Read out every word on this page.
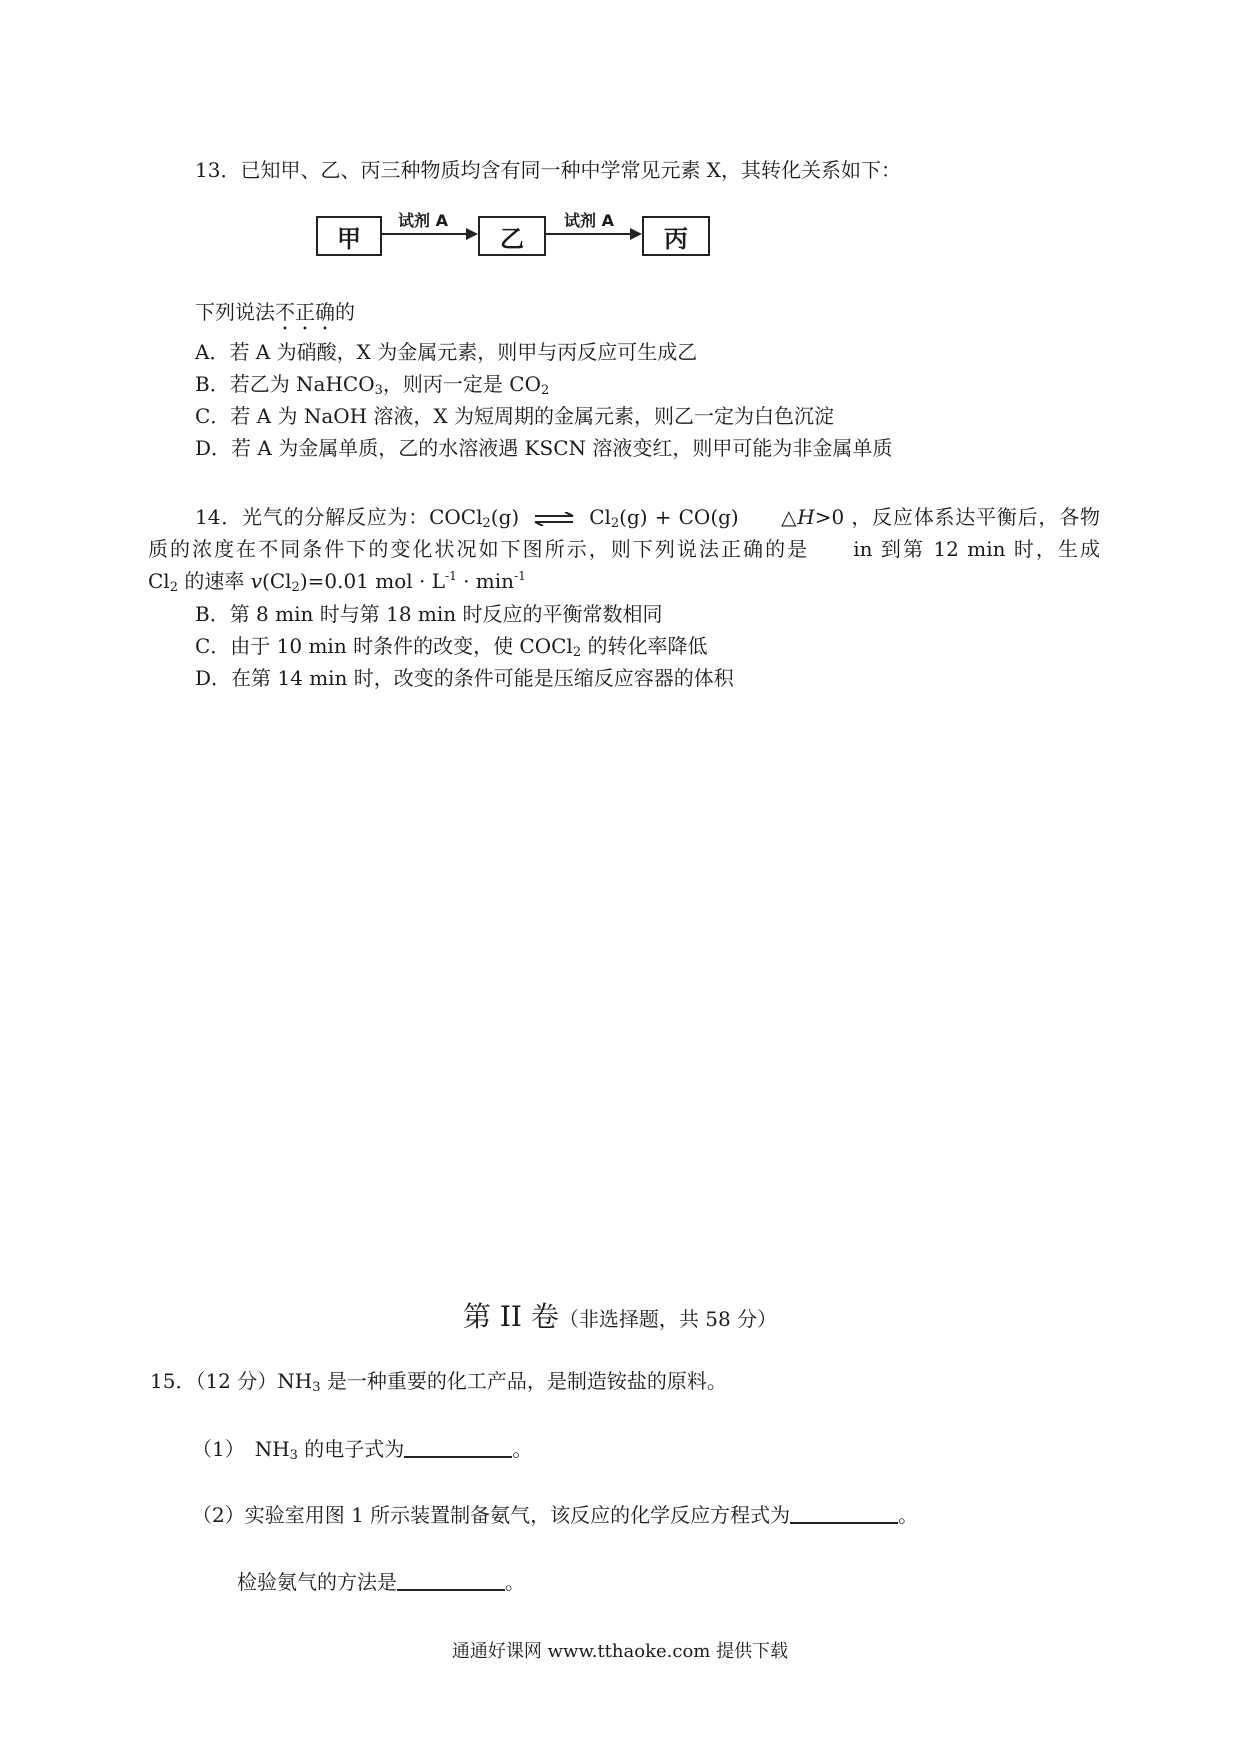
13．已知甲、乙、丙三种物质均含有同一种中学常见元素 X，其转化关系如下：
甲
试剂 A
乙
试剂 A
丙
下列说法不正确的
A．若 A 为硝酸，X 为金属元素，则甲与丙反应可生成乙
B．若乙为 NaHCO$_3$，则丙一定是 $CO_2$
C．若 A 为 NaOH 溶液，X 为短周期的金属元素，则乙一定为白色沉淀
D．若 A 为金属单质，乙的水溶液遇 KSCN 溶液变红，则甲可能为非金属单质
14．光气的分解反应为：COCl$_2$(g) ⇌ $Cl_2(g) + CO(g)$　　 △H>0 ，反应体系达平衡后，各物
质的浓度在不同条件下的变化状况如下图所示，则下列说法正确的是　　in 到第 12 min 时，生成
$Cl_2$ 的速率 $v(Cl_2)=0.01$ mol · $L^{-1} \cdot \min^{-1}$
B．第 8 min 时与第 18 min 时反应的平衡常数相同
C．由于 10 min 时条件的改变，使 COCl$_2$ 的转化率降低
D．在第 14 min 时，改变的条件可能是压缩反应容器的体积
第 II 卷（非选择题，共 58 分）
15．（12 分）$NH_3$ 是一种重要的化工产品，是制造铵盐的原料。
（1）　$NH_3$ 的电子式为	。
（2）实验室用图 1 所示装置制备氨气，该反应的化学反应方程式为	。
检验氨气的方法是	。
通通好课网 www.tthaoke.com 提供下载
